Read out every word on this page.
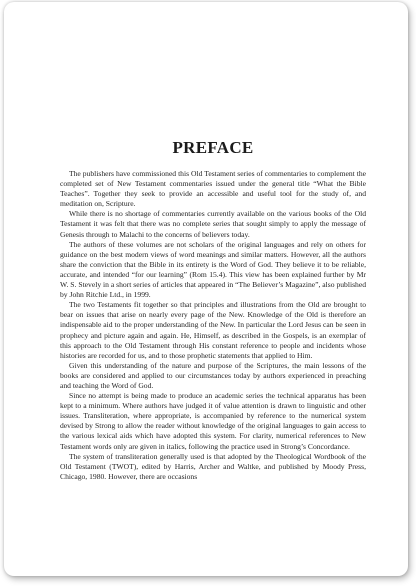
PREFACE

The publishers have commissioned this Old Testament series of commentaries to complement the completed set of New Testament commentaries issued under the general title “What the Bible Teaches”. Together they seek to provide an accessible and useful tool for the study of, and meditation on, Scripture.

While there is no shortage of commentaries currently available on the various books of the Old Testament it was felt that there was no complete series that sought simply to apply the message of Genesis through to Malachi to the concerns of believers today.

The authors of these volumes are not scholars of the original languages and rely on others for guidance on the best modern views of word meanings and similar matters. However, all the authors share the conviction that the Bible in its entirety is the Word of God. They believe it to be reliable, accurate, and intended “for our learning” (Rom 15.4). This view has been explained further by Mr W. S. Stevely in a short series of articles that appeared in “The Believer’s Magazine”, also published by John Ritchie Ltd., in 1999.

The two Testaments fit together so that principles and illustrations from the Old are brought to bear on issues that arise on nearly every page of the New. Knowledge of the Old is therefore an indispensable aid to the proper understanding of the New. In particular the Lord Jesus can be seen in prophecy and picture again and again. He, Himself, as described in the Gospels, is an exemplar of this approach to the Old Testament through His constant reference to people and incidents whose histories are recorded for us, and to those prophetic statements that applied to Him.

Given this understanding of the nature and purpose of the Scriptures, the main lessons of the books are considered and applied to our circumstances today by authors experienced in preaching and teaching the Word of God.

Since no attempt is being made to produce an academic series the technical apparatus has been kept to a minimum. Where authors have judged it of value attention is drawn to linguistic and other issues. Transliteration, where appropriate, is accompanied by reference to the numerical system devised by Strong to allow the reader without knowledge of the original languages to gain access to the various lexical aids which have adopted this system. For clarity, numerical references to New Testament words only are given in italics, following the practice used in Strong’s Concordance.

The system of transliteration generally used is that adopted by the Theological Wordbook of the Old Testament (TWOT), edited by Harris, Archer and Waltke, and published by Moody Press, Chicago, 1980. However, there are occasions
